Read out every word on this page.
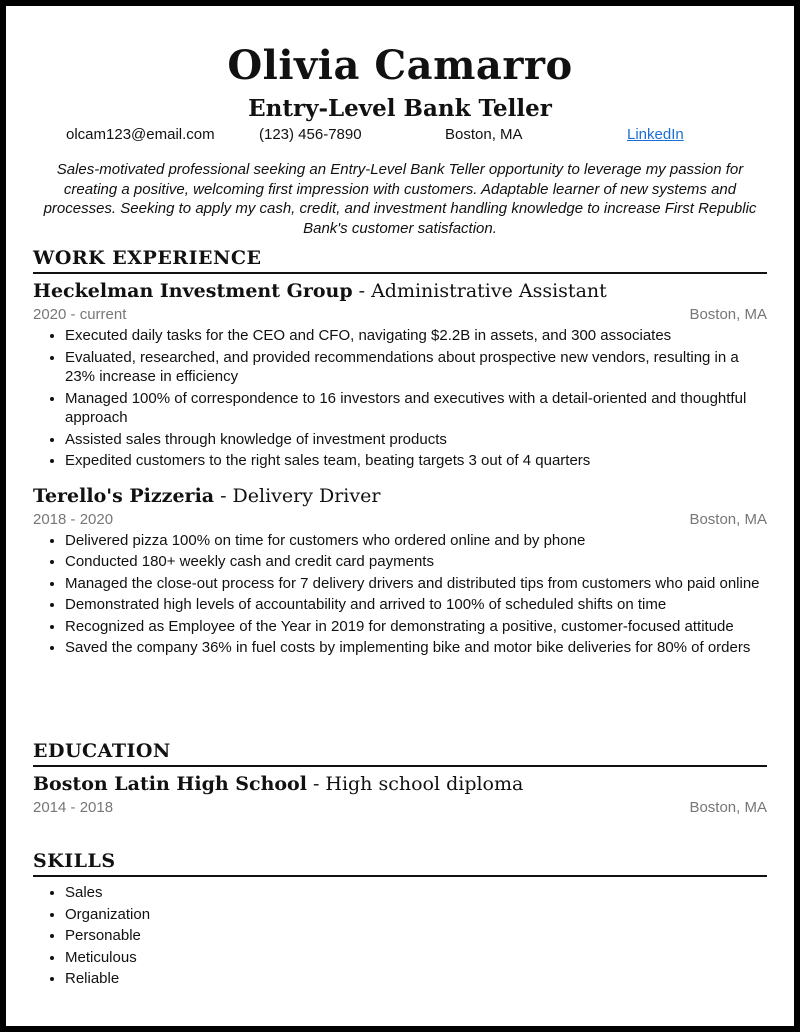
Olivia Camarro
Entry-Level Bank Teller
olcam123@email.com	(123) 456-7890	Boston, MA	LinkedIn
Sales-motivated professional seeking an Entry-Level Bank Teller opportunity to leverage my passion for creating a positive, welcoming first impression with customers. Adaptable learner of new systems and processes. Seeking to apply my cash, credit, and investment handling knowledge to increase First Republic Bank's customer satisfaction.
WORK EXPERIENCE
Heckelman Investment Group - Administrative Assistant
2020 - current	Boston, MA
• Executed daily tasks for the CEO and CFO, navigating $2.2B in assets, and 300 associates
• Evaluated, researched, and provided recommendations about prospective new vendors, resulting in a 23% increase in efficiency
• Managed 100% of correspondence to 16 investors and executives with a detail-oriented and thoughtful approach
• Assisted sales through knowledge of investment products
• Expedited customers to the right sales team, beating targets 3 out of 4 quarters
Terello's Pizzeria - Delivery Driver
2018 - 2020	Boston, MA
• Delivered pizza 100% on time for customers who ordered online and by phone
• Conducted 180+ weekly cash and credit card payments
• Managed the close-out process for 7 delivery drivers and distributed tips from customers who paid online
• Demonstrated high levels of accountability and arrived to 100% of scheduled shifts on time
• Recognized as Employee of the Year in 2019 for demonstrating a positive, customer-focused attitude
• Saved the company 36% in fuel costs by implementing bike and motor bike deliveries for 80% of orders
EDUCATION
Boston Latin High School - High school diploma
2014 - 2018	Boston, MA
SKILLS
• Sales
• Organization
• Personable
• Meticulous
• Reliable
